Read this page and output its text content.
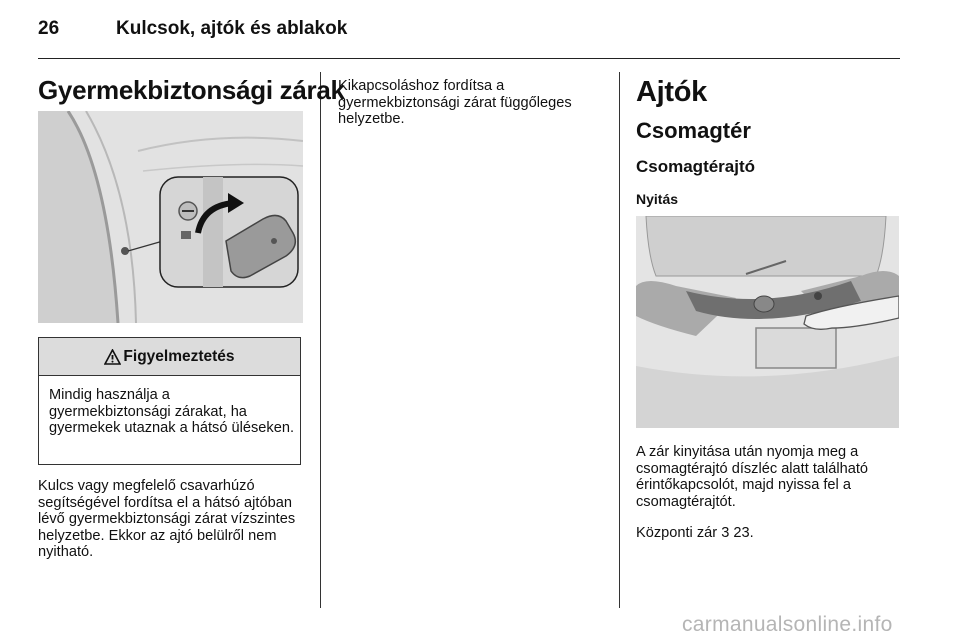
26	Kulcsok, ajtók és ablakok
Gyermekbiztonsági zárak
Figyelmeztetés
Mindig használja a gyermekbiztonsági zárakat, ha gyermekek utaznak a hátsó üléseken.
Kulcs vagy megfelelő csavarhúzó segítségével fordítsa el a hátsó ajtóban lévő gyermekbiztonsági zárat vízszintes helyzetbe. Ekkor az ajtó belülről nem nyitható.
Kikapcsoláshoz fordítsa a gyermekbiztonsági zárat függőleges helyzetbe.
Ajtók
Csomagtér
Csomagtérajtó
Nyitás
A zár kinyitása után nyomja meg a csomagtérajtó díszléc alatt található érintőkapcsolót, majd nyissa fel a csomagtérajtót.
Központi zár 3 23.
carmanualsonline.info
